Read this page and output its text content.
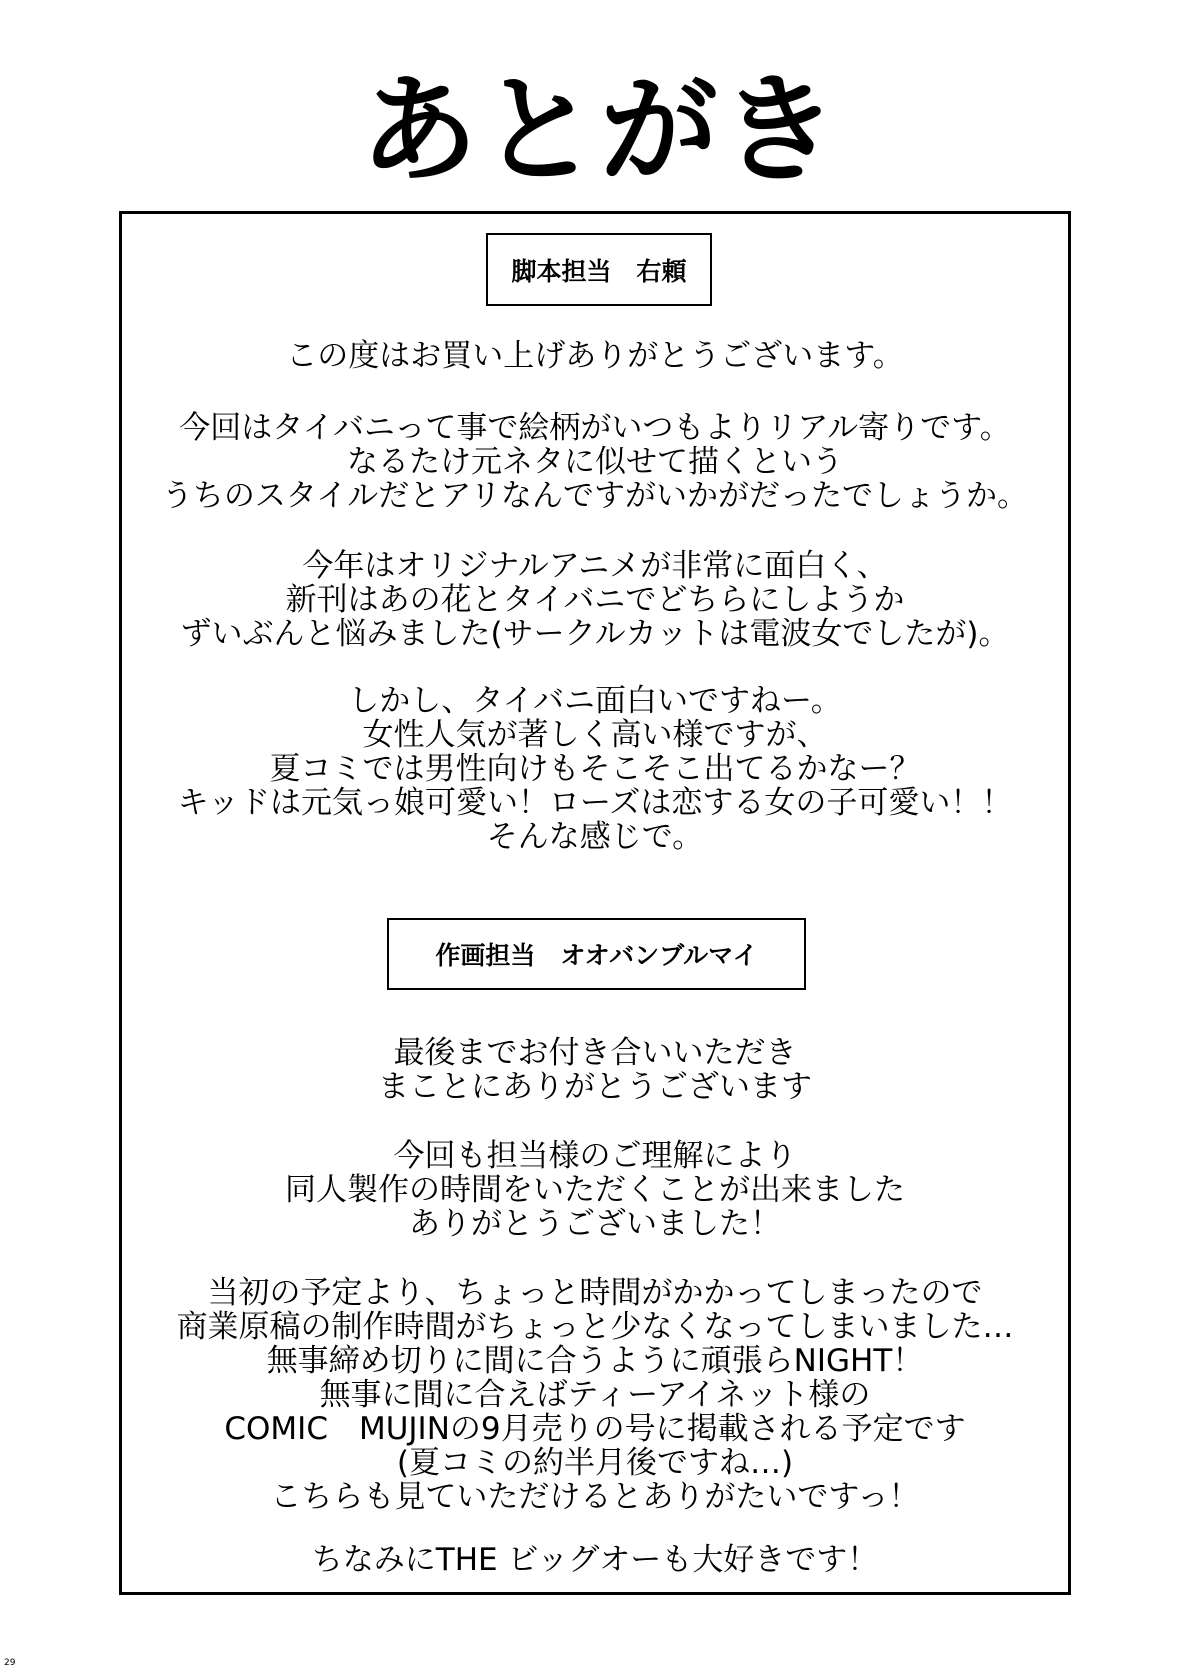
あとがき
脚本担当　右頼
この度はお買い上げありがとうございます。
今回はタイバニって事で絵柄がいつもよりリアル寄りです。
なるたけ元ネタに似せて描くという
うちのスタイルだとアリなんですがいかがだったでしょうか。
今年はオリジナルアニメが非常に面白く、
新刊はあの花とタイバニでどちらにしようか
ずいぶんと悩みました(サークルカットは電波女でしたが)。
しかし、タイバニ面白いですねー。
女性人気が著しく高い様ですが、
夏コミでは男性向けもそこそこ出てるかなー？
キッドは元気っ娘可愛い！ローズは恋する女の子可愛い！！
そんな感じで。
作画担当　オオバンブルマイ
最後までお付き合いいただき
まことにありがとうございます
今回も担当様のご理解により
同人製作の時間をいただくことが出来ました
ありがとうございました！
当初の予定より、ちょっと時間がかかってしまったので
商業原稿の制作時間がちょっと少なくなってしまいました…
無事締め切りに間に合うように頑張らNIGHT！
無事に間に合えばティーアイネット様の
COMIC　MUJINの9月売りの号に掲載される予定です
(夏コミの約半月後ですね…)
こちらも見ていただけるとありがたいですっ！
ちなみにTHE ビッグオーも大好きです！
29
